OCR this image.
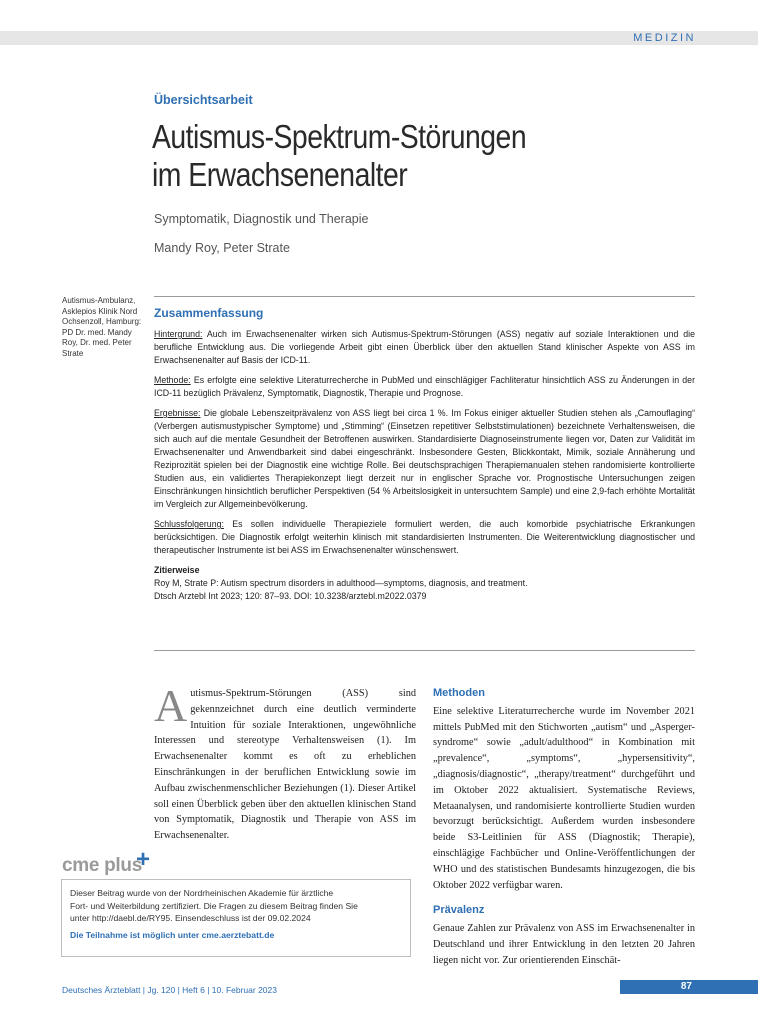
MEDIZIN
Übersichtsarbeit
Autismus-Spektrum-Störungen
im Erwachsenenalter
Symptomatik, Diagnostik und Therapie
Mandy Roy, Peter Strate
Autismus-Ambulanz, Asklepios Klinik Nord Ochsenzoll, Hamburg: PD Dr. med. Mandy Roy, Dr. med. Peter Strate
Zusammenfassung

Hintergrund: Auch im Erwachsenenalter wirken sich Autismus-Spektrum-Störungen (ASS) negativ auf soziale Interaktionen und die berufliche Entwicklung aus. Die vorliegende Arbeit gibt einen Überblick über den aktuellen Stand klinischer Aspekte von ASS im Erwachsenenalter auf Basis der ICD-11.

Methode: Es erfolgte eine selektive Literaturrecherche in PubMed und einschlägiger Fachliteratur hinsichtlich ASS zu Änderungen in der ICD-11 bezüglich Prävalenz, Symptomatik, Diagnostik, Therapie und Prognose.

Ergebnisse: Die globale Lebenszeitprävalenz von ASS liegt bei circa 1 %. Im Fokus einiger aktueller Studien stehen als „Camouflaging“ (Verbergen autismustypischer Symptome) und „Stimming“ (Einsetzen repetitiver Selbststimulationen) bezeichnete Verhaltensweisen, die sich auch auf die mentale Gesundheit der Betroffenen auswirken. Standardisierte Diagnoseinstrumente liegen vor, Daten zur Validität im Erwachsenenalter und Anwendbarkeit sind dabei eingeschränkt. Insbesondere Gesten, Blickkontakt, Mimik, soziale Annäherung und Reziprozität spielen bei der Diagnostik eine wichtige Rolle. Bei deutschsprachigen Therapiemanualen stehen randomisierte kontrollierte Studien aus, ein validiertes Therapiekonzept liegt derzeit nur in englischer Sprache vor. Prognostische Untersuchungen zeigen Einschränkungen hinsichtlich beruflicher Perspektiven (54 % Arbeitslosigkeit in untersuchtem Sample) und eine 2,9-fach erhöhte Mortalität im Vergleich zur Allgemeinbevölkerung.

Schlussfolgerung: Es sollen individuelle Therapieziele formuliert werden, die auch komorbide psychiatrische Erkrankungen berücksichtigen. Die Diagnostik erfolgt weiterhin klinisch mit standardisierten Instrumenten. Die Weiterentwicklung diagnostischer und therapeutischer Instrumente ist bei ASS im Erwachsenenalter wünschenswert.

Zitierweise
Roy M, Strate P: Autism spectrum disorders in adulthood—symptoms, diagnosis, and treatment.
Dtsch Arztebl Int 2023; 120: 87–93. DOI: 10.3238/arztebl.m2022.0379
Autismus-Spektrum-Störungen (ASS) sind gekennzeichnet durch eine deutlich verminderte Intuition für soziale Interaktionen, ungewöhnliche Interessen und stereotype Verhaltensweisen (1). Im Erwachsenenalter kommt es oft zu erheblichen Einschränkungen in der beruflichen Entwicklung sowie im Aufbau zwischenmenschlicher Beziehungen (1). Dieser Artikel soll einen Überblick geben über den aktuellen klinischen Stand von Symptomatik, Diagnostik und Therapie von ASS im Erwachsenenalter.
Methoden
Eine selektive Literaturrecherche wurde im November 2021 mittels PubMed mit den Stichworten „autism“ und „Asperger-syndrome“ sowie „adult/adulthood“ in Kombination mit „prevalence“, „symptoms“, „hypersensitivity“, „diagnosis/diagnostic“, „therapy/treatment“ durchgeführt und im Oktober 2022 aktualisiert. Systematische Reviews, Metaanalysen, und randomisierte kontrollierte Studien wurden bevorzugt berücksichtigt. Außerdem wurden insbesondere beide S3-Leitlinien für ASS (Diagnostik; Therapie), einschlägige Fachbücher und Online-Veröffentlichungen der WHO und des statistischen Bundesamts hinzugezogen, die bis Oktober 2022 verfügbar waren.
Prävalenz
Genaue Zahlen zur Prävalenz von ASS im Erwachsenenalter in Deutschland und ihrer Entwicklung in den letzten 20 Jahren liegen nicht vor. Zur orientierenden Einschät-
cme plus
+
Dieser Beitrag wurde von der Nordrheinischen Akademie für ärztliche
Fort- und Weiterbildung zertifiziert. Die Fragen zu diesem Beitrag finden Sie
unter http://daebl.de/RY95. Einsendeschluss ist der 09.02.2024
Die Teilnahme ist möglich unter cme.aerztebatt.de
Deutsches Ärzteblatt | Jg. 120 | Heft 6 | 10. Februar 2023	87
